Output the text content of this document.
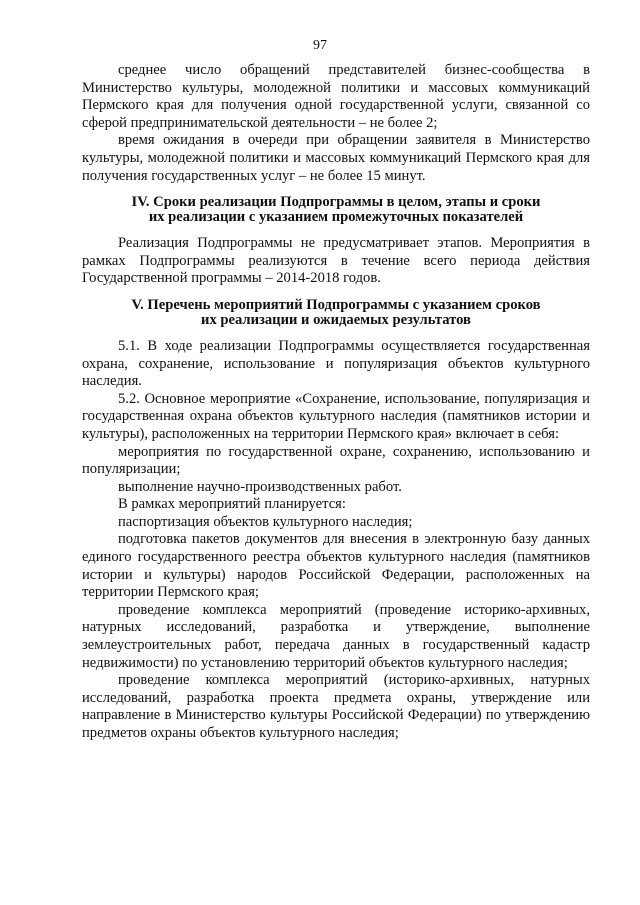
97

среднее число обращений представителей бизнес-сообщества в Министерство культуры, молодежной политики и массовых коммуникаций Пермского края для получения одной государственной услуги, связанной со сферой предпринимательской деятельности – не более 2;

время ожидания в очереди при обращении заявителя в Министерство культуры, молодежной политики и массовых коммуникаций Пермского края для получения государственных услуг – не более 15 минут.

IV. Сроки реализации Подпрограммы в целом, этапы и сроки

их реализации с указанием промежуточных показателей

Реализация Подпрограммы не предусматривает этапов. Мероприятия в рамках Подпрограммы реализуются в течение всего периода действия Государственной программы – 2014-2018 годов.

V. Перечень мероприятий Подпрограммы с указанием сроков

их реализации и ожидаемых результатов

5.1. В ходе реализации Подпрограммы осуществляется государственная охрана, сохранение, использование и популяризация объектов культурного наследия.

5.2. Основное мероприятие «Сохранение, использование, популяризация и государственная охрана объектов культурного наследия (памятников истории и культуры), расположенных на территории Пермского края» включает в себя:

мероприятия по государственной охране, сохранению, использованию и популяризации;

выполнение научно-производственных работ.

В рамках мероприятий планируется:

паспортизация объектов культурного наследия;

подготовка пакетов документов для внесения в электронную базу данных единого государственного реестра объектов культурного наследия (памятников истории и культуры) народов Российской Федерации, расположенных на территории Пермского края;

проведение комплекса мероприятий (проведение историко-архивных, натурных исследований, разработка и утверждение, выполнение землеустроительных работ, передача данных в государственный кадастр недвижимости) по установлению территорий объектов культурного наследия;

проведение комплекса мероприятий (историко-архивных, натурных исследований, разработка проекта предмета охраны, утверждение или направление в Министерство культуры Российской Федерации) по утверждению предметов охраны объектов культурного наследия;
